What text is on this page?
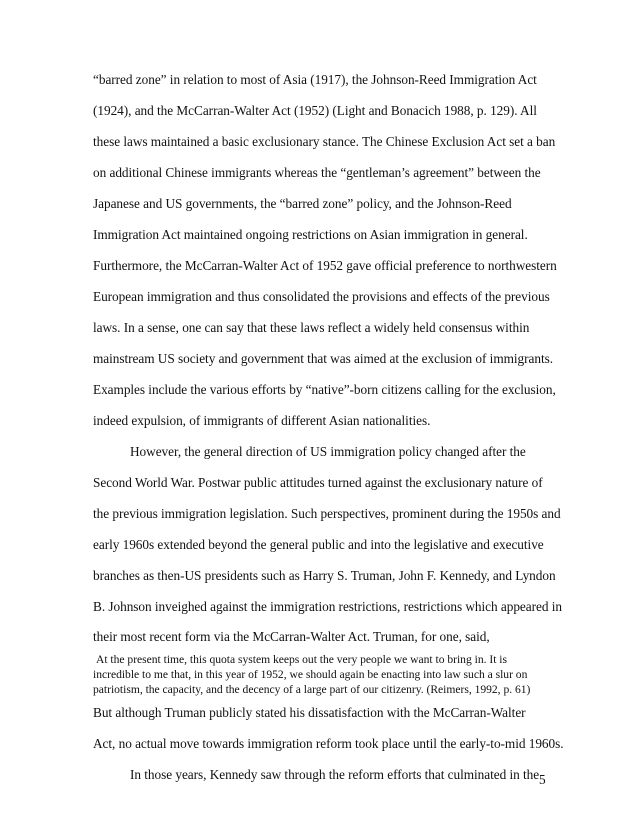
“barred zone” in relation to most of Asia (1917), the Johnson-Reed Immigration Act
(1924), and the McCarran-Walter Act (1952) (Light and Bonacich 1988, p. 129). All
these laws maintained a basic exclusionary stance. The Chinese Exclusion Act set a ban
on additional Chinese immigrants whereas the “gentleman’s agreement” between the
Japanese and US governments, the “barred zone” policy, and the Johnson-Reed
Immigration Act maintained ongoing restrictions on Asian immigration in general.
Furthermore, the McCarran-Walter Act of 1952 gave official preference to northwestern
European immigration and thus consolidated the provisions and effects of the previous
laws. In a sense, one can say that these laws reflect a widely held consensus within
mainstream US society and government that was aimed at the exclusion of immigrants.
Examples include the various efforts by “native”-born citizens calling for the exclusion,
indeed expulsion, of immigrants of different Asian nationalities.
However, the general direction of US immigration policy changed after the
Second World War. Postwar public attitudes turned against the exclusionary nature of
the previous immigration legislation. Such perspectives, prominent during the 1950s and
early 1960s extended beyond the general public and into the legislative and executive
branches as then-US presidents such as Harry S. Truman, John F. Kennedy, and Lyndon
B. Johnson inveighed against the immigration restrictions, restrictions which appeared in
their most recent form via the McCarran-Walter Act. Truman, for one, said,
At the present time, this quota system keeps out the very people we want to bring in. It is
incredible to me that, in this year of 1952, we should again be enacting into law such a slur on
patriotism, the capacity, and the decency of a large part of our citizenry. (Reimers, 1992, p. 61)
But although Truman publicly stated his dissatisfaction with the McCarran-Walter
Act, no actual move towards immigration reform took place until the early-to-mid 1960s.
In those years, Kennedy saw through the reform efforts that culminated in the 5
